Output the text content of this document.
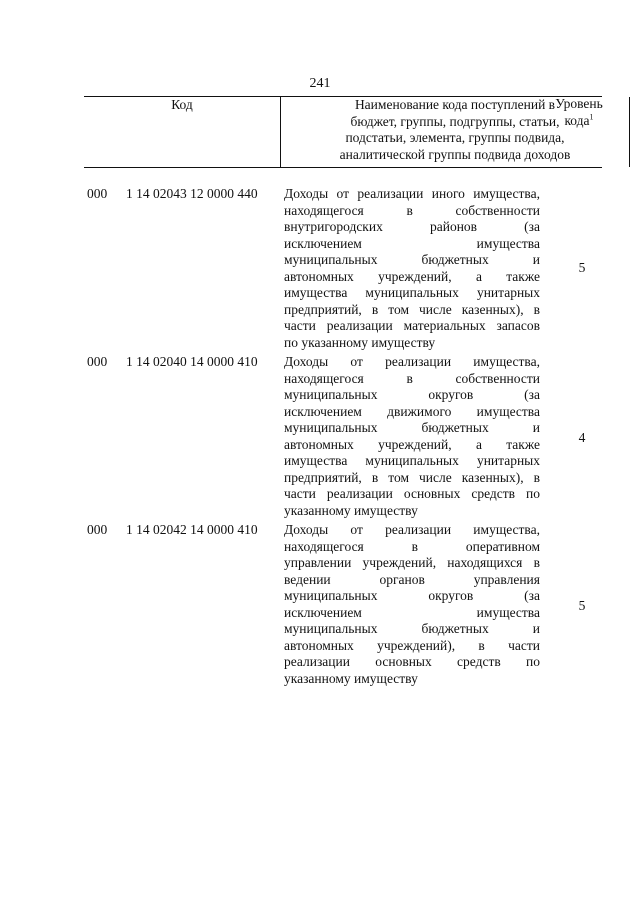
241
Код	Наименование кода поступлений в
бюджет, группы, подгруппы, статьи,
подстатьи, элемента, группы подвида,
аналитической группы подвида доходов
Уровень
кода$^1$
000 1 14 02043 12 0000 440 Доходы от реализации иного имущества,
находящегося в собственности
внутригородских районов (за
исключением имущества
муниципальных бюджетных и
автономных учреждений, а также
имущества муниципальных унитарных
предприятий, в том числе казенных), в
части реализации материальных запасов
по указанному имуществу
5
000 1 14 02040 14 0000 410 Доходы от реализации имущества,
находящегося в собственности
муниципальных округов (за
исключением движимого имущества
муниципальных бюджетных и
автономных учреждений, а также
имущества муниципальных унитарных
предприятий, в том числе казенных), в
части реализации основных средств по
указанному имуществу
4
000 1 14 02042 14 0000 410 Доходы от реализации имущества,
находящегося в оперативном
управлении учреждений, находящихся в
ведении органов управления
муниципальных округов (за
исключением имущества
муниципальных бюджетных и
автономных учреждений), в части
реализации основных средств по
указанному имуществу
5
